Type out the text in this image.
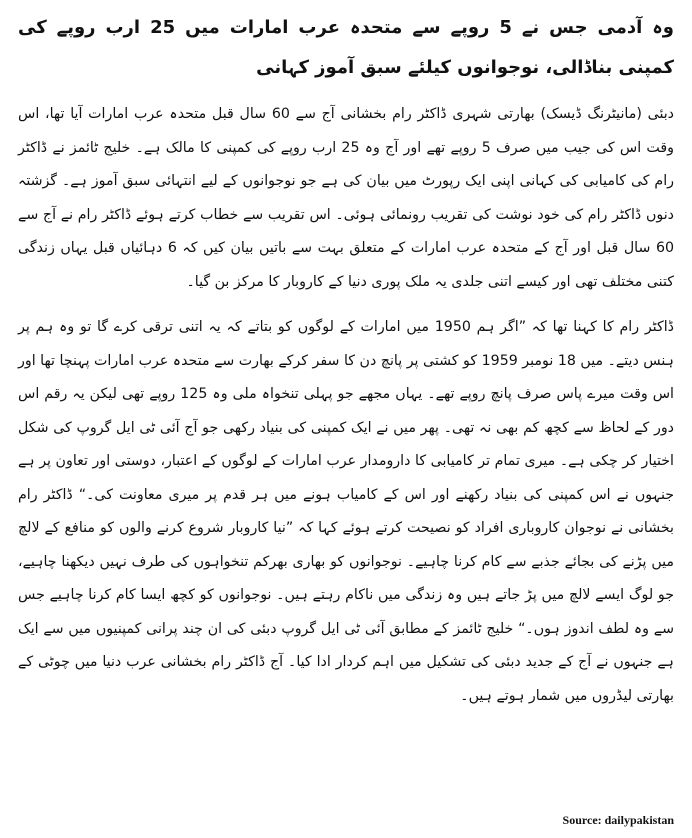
وہ آدمی جس نے 5 روپے سے متحدہ عرب امارات میں 25 ارب روپے کی کمپنی بناڈالی، نوجوانوں کیلئے سبق آموز کہانی

دبئی (مانیٹرنگ ڈیسک) بھارتی شہری ڈاکٹر رام بخشانی آج سے 60 سال قبل متحدہ عرب امارات آیا تھا، اس وقت اس کی جیب میں صرف 5 روپے تھے اور آج وہ 25 ارب روپے کی کمپنی کا مالک ہے۔ خلیج ٹائمز نے ڈاکٹر رام کی کامیابی کی کہانی اپنی ایک رپورٹ میں بیان کی ہے جو نوجوانوں کے لیے انتہائی سبق آموز ہے۔ گزشتہ دنوں ڈاکٹر رام کی خود نوشت کی تقریب رونمائی ہوئی۔ اس تقریب سے خطاب کرتے ہوئے ڈاکٹر رام نے آج سے 60 سال قبل اور آج کے متحدہ عرب امارات کے متعلق بہت سے باتیں بیان کیں کہ 6 دہائیاں قبل یہاں زندگی کتنی مختلف تھی اور کیسے اتنی جلدی یہ ملک پوری دنیا کے کاروبار کا مرکز بن گیا۔

ڈاکٹر رام کا کہنا تھا کہ ”اگر ہم 1950 میں امارات کے لوگوں کو بتاتے کہ یہ اتنی ترقی کرے گا تو وہ ہم پر ہنس دیتے۔ میں 18 نومبر 1959 کو کشتی پر پانچ دن کا سفر کرکے بھارت سے متحدہ عرب امارات پہنچا تھا اور اس وقت میرے پاس صرف پانچ روپے تھے۔ یہاں مجھے جو پہلی تنخواہ ملی وہ 125 روپے تھی لیکن یہ رقم اس دور کے لحاظ سے کچھ کم بھی نہ تھی۔ پھر میں نے ایک کمپنی کی بنیاد رکھی جو آج آئی ٹی ایل گروپ کی شکل اختیار کر چکی ہے۔ میری تمام تر کامیابی کا دارومدار عرب امارات کے لوگوں کے اعتبار، دوستی اور تعاون پر ہے جنہوں نے اس کمپنی کی بنیاد رکھنے اور اس کے کامیاب ہونے میں ہر قدم پر میری معاونت کی۔“ ڈاکٹر رام بخشانی نے نوجوان کاروباری افراد کو نصیحت کرتے ہوئے کہا کہ ”نیا کاروبار شروع کرنے والوں کو منافع کے لالچ میں پڑنے کی بجائے جذبے سے کام کرنا چاہیے۔ نوجوانوں کو بھاری بھرکم تنخواہوں کی طرف نہیں دیکھنا چاہیے، جو لوگ ایسے لالچ میں پڑ جاتے ہیں وہ زندگی میں ناکام رہتے ہیں۔ نوجوانوں کو کچھ ایسا کام کرنا چاہیے جس سے وہ لطف اندوز ہوں۔“ خلیج ٹائمز کے مطابق آئی ٹی ایل گروپ دبئی کی ان چند پرانی کمپنیوں میں سے ایک ہے جنہوں نے آج کے جدید دبئی کی تشکیل میں اہم کردار ادا کیا۔ آج ڈاکٹر رام بخشانی عرب دنیا میں چوٹی کے بھارتی لیڈروں میں شمار ہوتے ہیں۔

Source: dailypakistan
